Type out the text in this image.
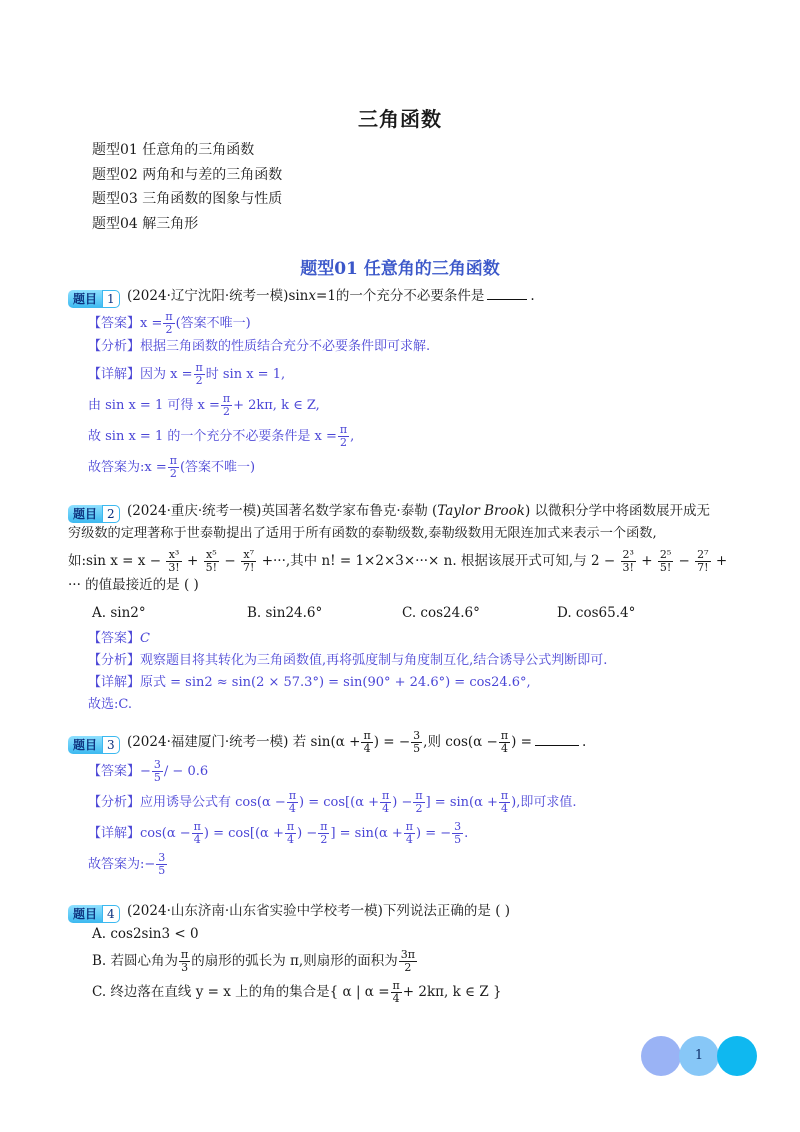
三角函数
题型01 任意角的三角函数
题型02 两角和与差的三角函数
题型03 三角函数的图象与性质
题型04 解三角形
题型01 任意角的三角函数
题目 1 (2024·辽宁沈阳·统考一模)sinx=1的一个充分不必要条件是	.
【答案】$x = \frac{\pi}{2}$ (答案不唯一)
【分析】根据三角函数的性质结合充分不必要条件即可求解.
【详解】因为 $x = \frac{\pi}{2}$ 时 sin x = 1,
由 sin x = 1 可得 $x = \frac{\pi}{2} + 2k\pi$, k ∈ Z,
故 sin x = 1 的一个充分不必要条件是 $x = \frac{\pi}{2}$ ,
故答案为:x = $\frac{\pi}{2}$ (答案不唯一)
题目 2 (2024·重庆·统考一模)英国著名数学家布鲁克·泰勒 (Taylor Brook) 以微积分学中将函数展开成无
穷级数的定理著称于世泰勒提出了适用于所有函数的泰勒级数,泰勒级数用无限连加式来表示一个函数,
如:sin $x = x - \frac{\text{x³}}{3!} + \frac{\text{x⁵}}{5!} - \frac{\text{x⁷}}{7!}$ +···,其中 n! = 1×2×3×···× n. 根据该展开式可知,与 $2 - \frac{\text{2³}}{3!} + \frac{\text{2⁵}}{5!} - \frac{\text{2⁷}}{7!}$ +
··· 的值最接近的是 ( )
A. sin2°	B. sin24.6°	C. cos24.6°	D. cos65.4°
【答案】C
【分析】观察题目将其转化为三角函数值,再将弧度制与角度制互化,结合诱导公式判断即可.
【详解】原式 = sin2 ≈ sin(2 × 57.3°) = sin(90° + 24.6°) = cos24.6°,
故选:C.
题目 3 (2024·福建厦门·统考一模) 若 $\sin(\alpha + \frac{\pi}{4}$ ) = − $\frac{3}{5}$ ,则 $\cos(\alpha - \frac{\pi}{4}$ ) =	.
【答案】− $\frac{3}{5}$ / − 0.6
【分析】应用诱导公式有 $\cos(\alpha - \frac{\pi}{4}$ ) = $\cos[(\alpha + \frac{\pi}{4}$ ) − $\frac{\pi}{2}$ ] = $\sin(\alpha + \frac{\pi}{4}$ ),即可求值.
【详解】$\cos(\alpha - \frac{\pi}{4}$ ) = $\cos[(\alpha + \frac{\pi}{4}$ ) − $\frac{\pi}{2}$ ] = $\sin(\alpha + \frac{\pi}{4}$ ) = − $\frac{3}{5}$ .
故答案为:− $\frac{3}{5}$
题目 4 (2024·山东济南·山东省实验中学校考一模)下列说法正确的是 ( )
A. cos2sin3 < 0
B. 若圆心角为 $\frac{\pi}{3}$ 的扇形的弧长为 π,则扇形的面积为 $\frac{3\pi}{2}$
C. 终边落在直线 y = x 上的角的集合是{ α | $\alpha = \frac{\pi}{4} + 2k\pi$, k ∈ Z }
1
